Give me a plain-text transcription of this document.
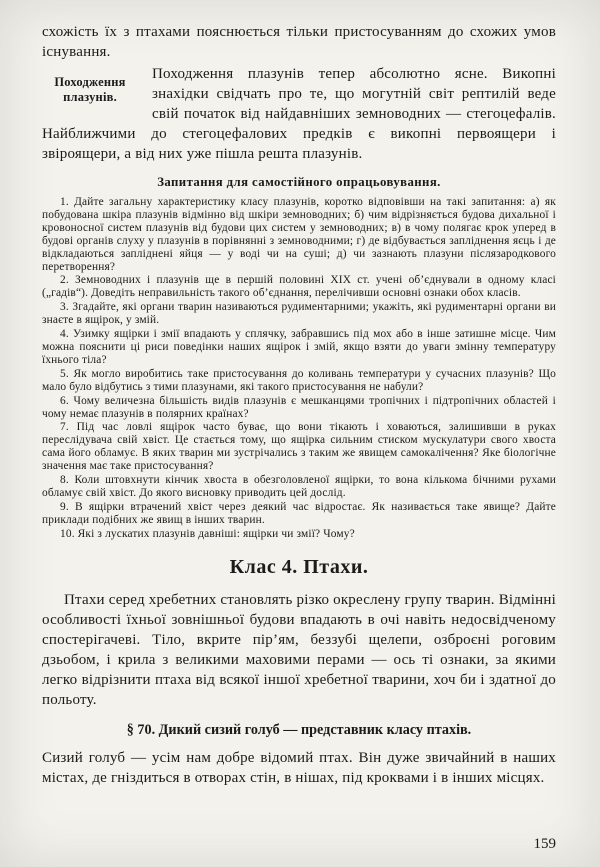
схожість їх з птахами пояснюється тільки пристосуванням до схожих умов існування.

Походження плазунів.
Походження плазунів тепер абсолютно ясне. Викопні знахідки свідчать про те, що могутній світ рептилій веде свій початок від найдавніших земноводних — стегоцефалів. Найближчими до стегоцефалових предків є викопні первоящери і звіроящери, а від них уже пішла решта плазунів.

Запитання для самостійного опрацьовування.

1. Дайте загальну характеристику класу плазунів, коротко відповівши на такі запитання: а) як побудована шкіра плазунів відмінно від шкіри земноводних; б) чим відрізняється будова дихальної і кровоносної систем плазунів від будови цих систем у земноводних; в) в чому полягає крок уперед в будові органів слуху у плазунів в порівнянні з земноводними; г) де відбувається запліднення яєць і де відкладаються запліднені яйця — у воді чи на суші; д) чи зазнають плазуни післязародкового перетворення?

2. Земноводних і плазунів ще в першій половині XIX ст. учені об’єднували в одному класі („гадів“). Доведіть неправильність такого об’єднання, перелічивши основні ознаки обох класів.

3. Згадайте, які органи тварин називаються рудиментарними; укажіть, які рудиментарні органи ви знаєте в ящірок, у змій.

4. Узимку ящірки і змії впадають у сплячку, забравшись під мох або в інше затишне місце. Чим можна пояснити ці риси поведінки наших ящірок і змій, якщо взяти до уваги змінну температуру їхнього тіла?

5. Як могло виробитись таке пристосування до коливань температури у сучасних плазунів? Що мало було відбутись з тими плазунами, які такого пристосування не набули?

6. Чому величезна більшість видів плазунів є мешканцями тропічних і підтропічних областей і чому немає плазунів в полярних країнах?

7. Під час ловлі ящірок часто буває, що вони тікають і ховаються, залишивши в руках переслідувача свій хвіст. Це стається тому, що ящірка сильним стиском мускулатури свого хвоста сама його обламує. В яких тварин ми зустрічались з таким же явищем самокалічення? Яке біологічне значення має таке пристосування?

8. Коли штовхнути кінчик хвоста в обезголовленої ящірки, то вона кількома бічними рухами обламує свій хвіст. До якого висновку приводить цей дослід.

9. В ящірки втрачений хвіст через деякий час відростає. Як називається таке явище? Дайте приклади подібних же явищ в інших тварин.

10. Які з лускатих плазунів давніші: ящірки чи змії? Чому?

Клас 4. Птахи.

Птахи серед хребетних становлять різко окреслену групу тварин. Відмінні особливості їхньої зовнішньої будови впадають в очі навіть недосвідченому спостерігачеві. Тіло, вкрите пір’ям, беззубі щелепи, озброєні роговим дзьобом, і крила з великими маховими перами — ось ті ознаки, за якими легко відрізнити птаха від всякої іншої хребетної тварини, хоч би і здатної до польоту.

§ 70. Дикий сизий голуб — представник класу птахів.

Сизий голуб — усім нам добре відомий птах. Він дуже звичайний в наших містах, де гніздиться в отворах стін, в нішах, під кроквами і в інших місцях.

159
